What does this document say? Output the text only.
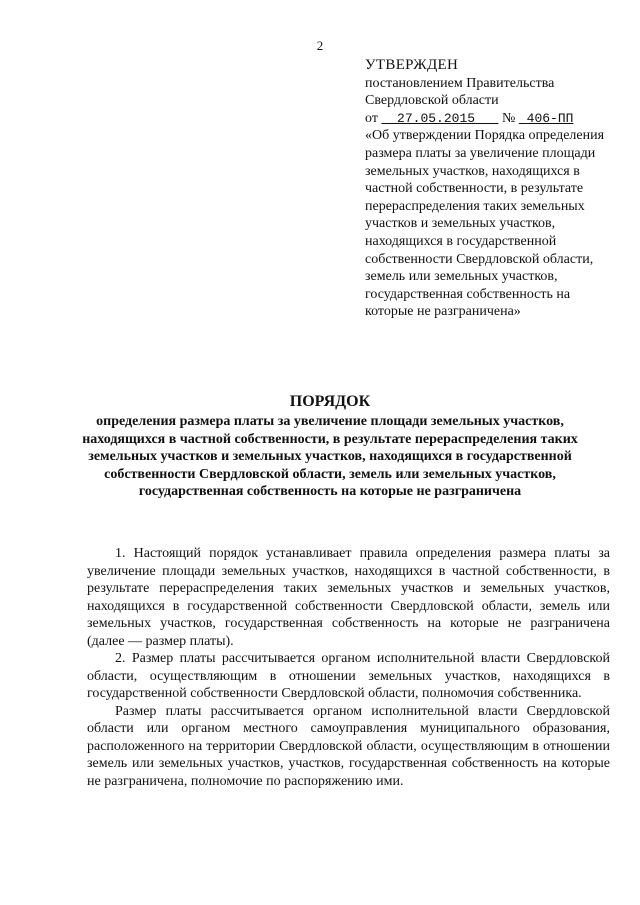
2
УТВЕРЖДЕН
постановлением Правительства
Свердловской области
от 27.05.2015 № 406-ПП
«Об утверждении Порядка определения размера платы за увеличение площади земельных участков, находящихся в частной собственности, в результате перераспределения таких земельных участков и земельных участков, находящихся в государственной собственности Свердловской области, земель или земельных участков, государственная собственность на которые не разграничена»
ПОРЯДОК
определения размера платы за увеличение площади земельных участков, находящихся в частной собственности, в результате перераспределения таких земельных участков и земельных участков, находящихся в государственной собственности Свердловской области, земель или земельных участков, государственная собственность на которые не разграничена

1. Настоящий порядок устанавливает правила определения размера платы за увеличение площади земельных участков, находящихся в частной собственности, в результате перераспределения таких земельных участков и земельных участков, находящихся в государственной собственности Свердловской области, земель или земельных участков, государственная собственность на которые не разграничена (далее — размер платы).

2. Размер платы рассчитывается органом исполнительной власти Свердловской области, осуществляющим в отношении земельных участков, находящихся в государственной собственности Свердловской области, полномочия собственника.

Размер платы рассчитывается органом исполнительной власти Свердловской области или органом местного самоуправления муниципального образования, расположенного на территории Свердловской области, осуществляющим в отношении земель или земельных участков, участков, государственная собственность на которые не разграничена, полномочие по распоряжению ими.
